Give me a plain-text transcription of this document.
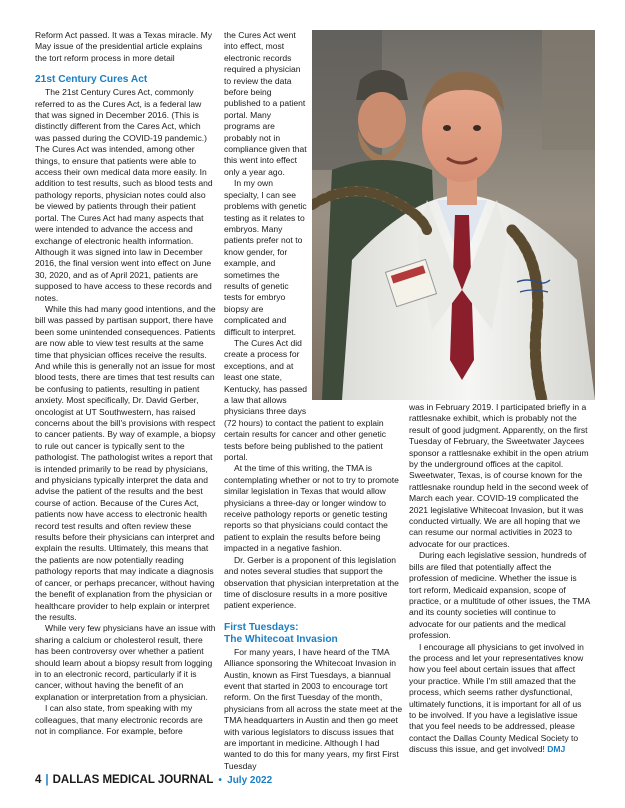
Reform Act passed. It was a Texas miracle. My May issue of the presidential article explains the tort reform process in more detail

21st Century Cures Act

The 21st Century Cures Act, commonly referred to as the Cures Act, is a federal law that was signed in December 2016. (This is distinctly different from the Cares Act, which was passed during the COVID-19 pandemic.) The Cures Act was intended, among other things, to ensure that patients were able to access their own medical data more easily. In addition to test results, such as blood tests and pathology reports, physician notes could also be viewed by patients through their patient portal. The Cures Act had many aspects that were intended to advance the access and exchange of electronic health information. Although it was signed into law in December 2016, the final version went into effect on June 30, 2020, and as of April 2021, patients are supposed to have access to these records and notes.

While this had many good intentions, and the bill was passed by partisan support, there have been some unintended consequences. Patients are now able to view test results at the same time that physician offices receive the results. And while this is generally not an issue for most blood tests, there are times that test results can be confusing to patients, resulting in patient anxiety. Most specifically, Dr. David Gerber, oncologist at UT Southwestern, has raised concerns about the bill's provisions with respect to cancer patients. By way of example, a biopsy to rule out cancer is typically sent to the pathologist. The pathologist writes a report that is intended primarily to be read by physicians, and physicians typically interpret the data and advise the patient of the results and the best course of action. Because of the Cures Act, patients now have access to electronic health record test results and often review these results before their physicians can interpret and explain the results. Ultimately, this means that the patients are now potentially reading pathology reports that may indicate a diagnosis of cancer, or perhaps precancer, without having the benefit of explanation from the physician or healthcare provider to help explain or interpret the results.

While very few physicians have an issue with sharing a calcium or cholesterol result, there has been controversy over whether a patient should learn about a biopsy result from logging in to an electronic record, particularly if it is cancer, without having the benefit of an explanation or interpretation from a physician.

I can also state, from speaking with my colleagues, that many electronic records are not in compliance. For example, before

the Cures Act went into effect, most electronic records required a physician to review the data before being published to a patient portal. Many programs are probably not in compliance given that this went into effect only a year ago.

In my own specialty, I can see problems with genetic testing as it relates to embryos. Many patients prefer not to know gender, for example, and sometimes the results of genetic tests for embryo biopsy are complicated and difficult to interpret.

The Cures Act did create a process for exceptions, and at least one state, Kentucky, has passed a law that allows physicians three days

(72 hours) to contact the patient to explain certain results for cancer and other genetic tests before being published to the patient portal.

At the time of this writing, the TMA is contemplating whether or not to try to promote similar legislation in Texas that would allow physicians a three-day or longer window to receive pathology reports or genetic testing reports so that physicians could contact the patient to explain the results before being impacted in a negative fashion.

Dr. Gerber is a proponent of this legislation and notes several studies that support the observation that physician interpretation at the time of disclosure results in a more positive patient experience.

First Tuesdays:
The Whitecoat Invasion

For many years, I have heard of the TMA Alliance sponsoring the Whitecoat Invasion in Austin, known as First Tuesdays, a biannual event that started in 2003 to encourage tort reform. On the first Tuesday of the month, physicians from all across the state meet at the TMA headquarters in Austin and then go meet with various legislators to discuss issues that are important in medicine. Although I had wanted to do this for many years, my first First Tuesday

was in February 2019. I participated briefly in a rattlesnake exhibit, which is probably not the result of good judgment. Apparently, on the first Tuesday of February, the Sweetwater Jaycees sponsor a rattlesnake exhibit in the open atrium by the underground offices at the capitol. Sweetwater, Texas, is of course known for the rattlesnake roundup held in the second week of March each year. COVID-19 complicated the 2021 legislative Whitecoat Invasion, but it was conducted virtually. We are all hoping that we can resume our normal activities in 2023 to advocate for our practices.

During each legislative session, hundreds of bills are filed that potentially affect the profession of medicine. Whether the issue is tort reform, Medicaid expansion, scope of practice, or a multitude of other issues, the TMA and its county societies will continue to advocate for our patients and the medical profession.

I encourage all physicians to get involved in the process and let your representatives know how you feel about certain issues that affect your practice. While I'm still amazed that the process, which seems rather dysfunctional, ultimately functions, it is important for all of us to be involved. If you have a legislative issue that you feel needs to be addressed, please contact the Dallas County Medical Society to discuss this issue, and get involved! DMJ

4 | DALLAS MEDICAL JOURNAL • July 2022
